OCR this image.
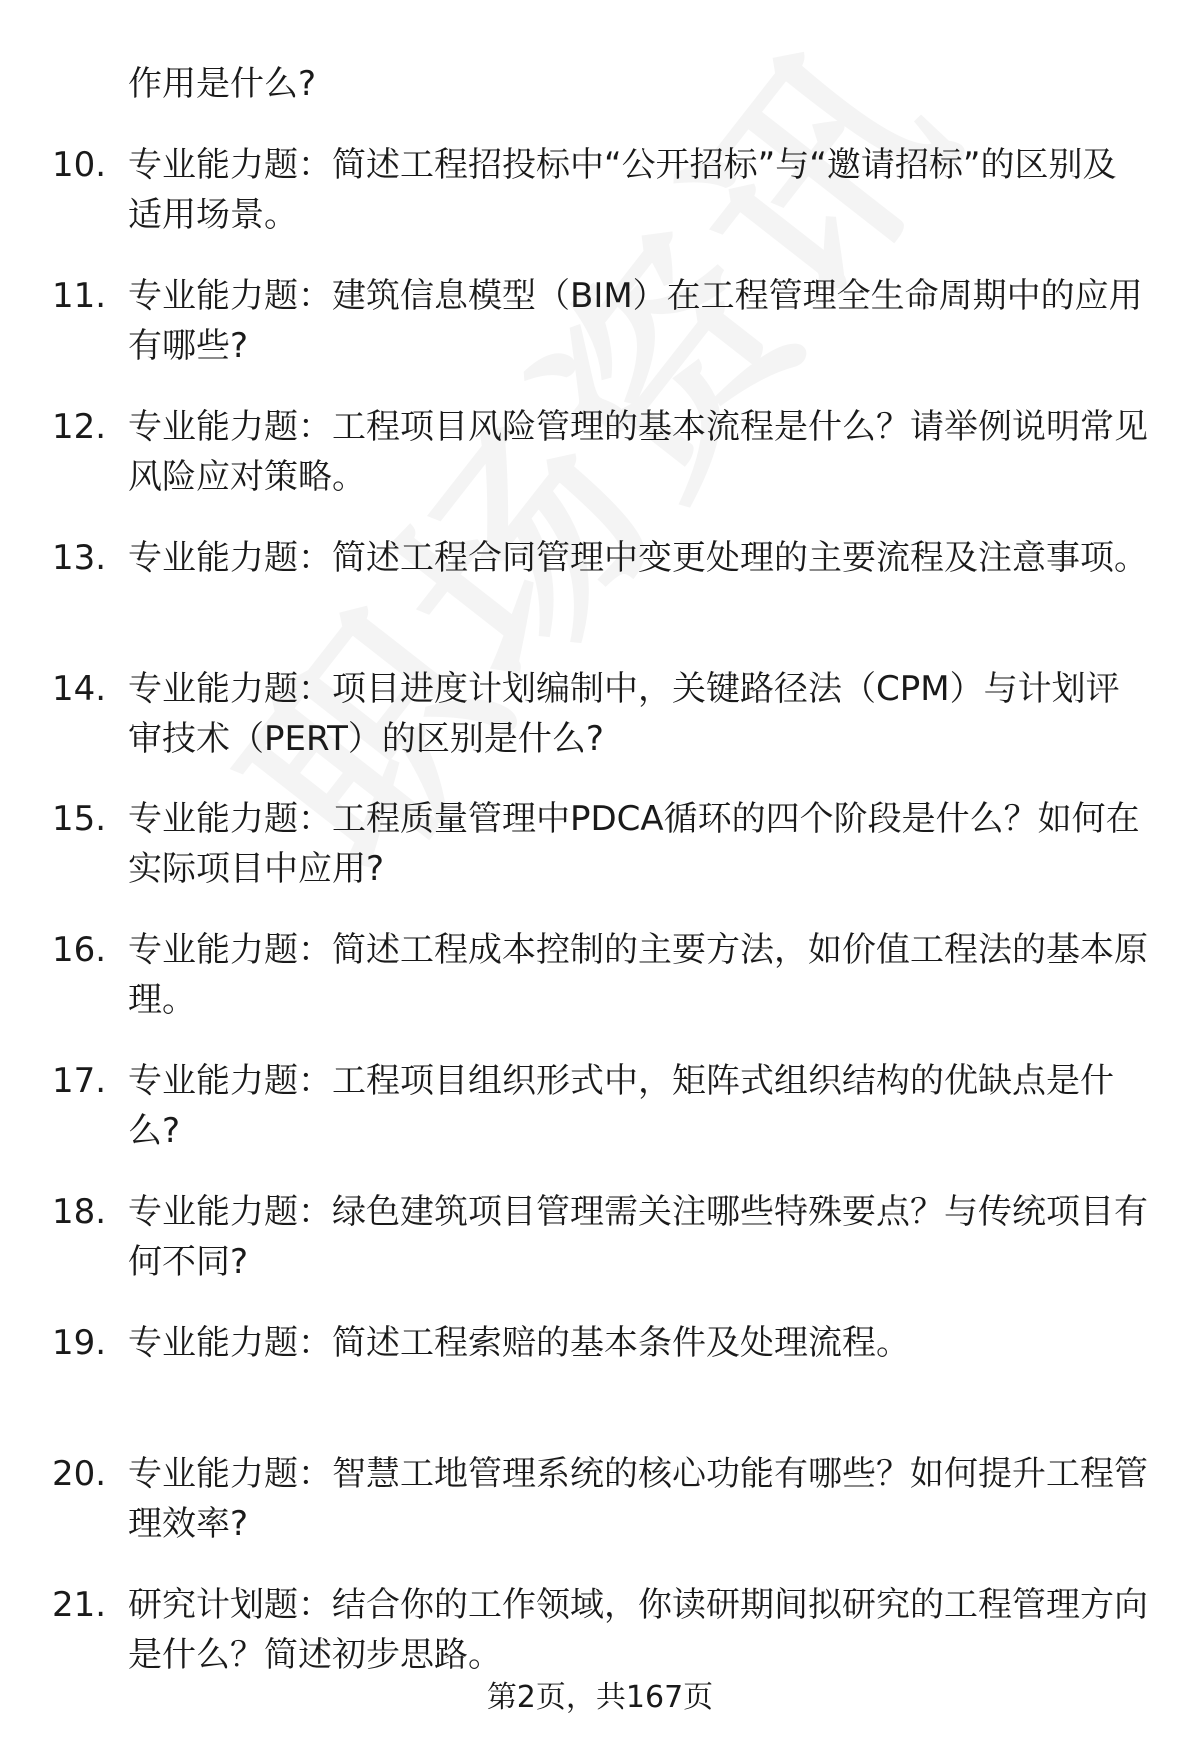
作用是什么?
10. 专业能力题：简述工程招投标中“公开招标”与“邀请招标”的区别及适用场景。
11. 专业能力题：建筑信息模型（BIM）在工程管理全生命周期中的应用有哪些?
12. 专业能力题：工程项目风险管理的基本流程是什么？请举例说明常见风险应对策略。
13. 专业能力题：简述工程合同管理中变更处理的主要流程及注意事项。
14. 专业能力题：项目进度计划编制中，关键路径法（CPM）与计划评审技术（PERT）的区别是什么?
15. 专业能力题：工程质量管理中PDCA循环的四个阶段是什么？如何在实际项目中应用?
16. 专业能力题：简述工程成本控制的主要方法，如价值工程法的基本原理。
17. 专业能力题：工程项目组织形式中，矩阵式组织结构的优缺点是什么?
18. 专业能力题：绿色建筑项目管理需关注哪些特殊要点？与传统项目有何不同?
19. 专业能力题：简述工程索赔的基本条件及处理流程。
20. 专业能力题：智慧工地管理系统的核心功能有哪些？如何提升工程管理效率?
21. 研究计划题：结合你的工作领域，你读研期间拟研究的工程管理方向是什么？简述初步思路。
第2页，共167页
